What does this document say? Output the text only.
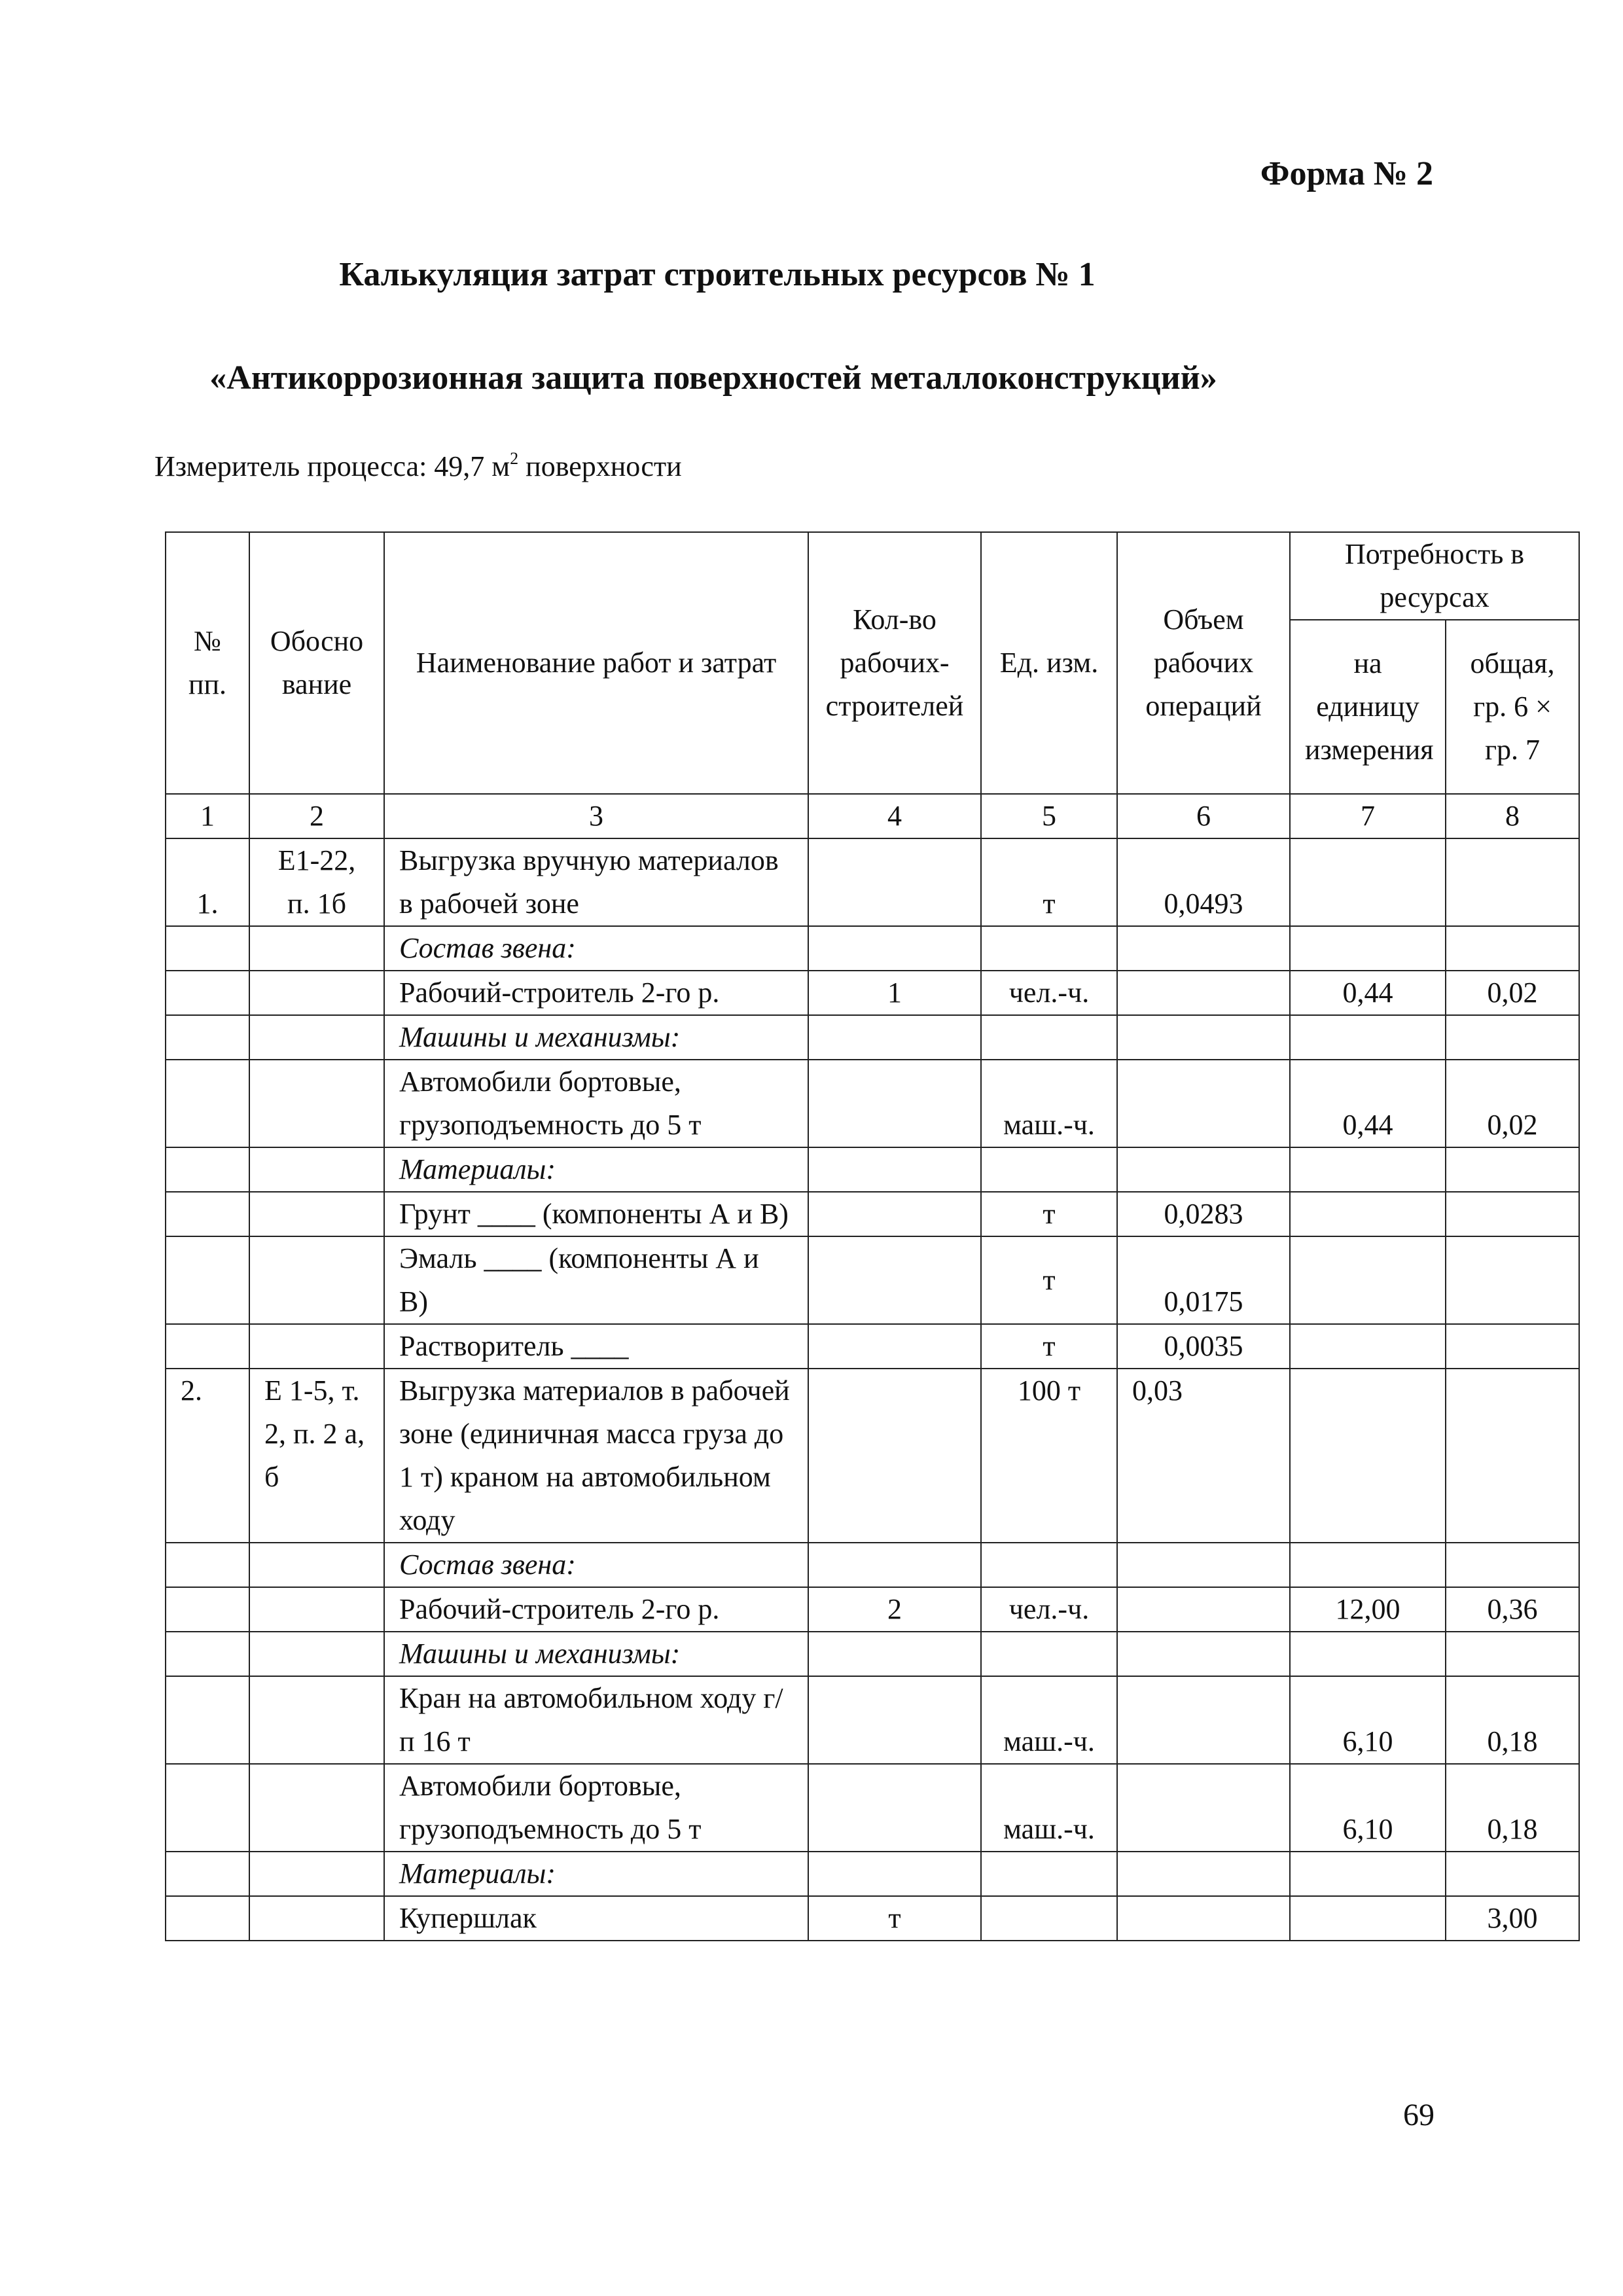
Форма № 2
Калькуляция затрат строительных ресурсов № 1
«Антикоррозионная защита поверхностей металлоконструкций»
Измеритель процесса: 49,7 $м^2$ поверхности
№ пп.	Обосно вание	Наименование работ и затрат	Кол-во рабочих-строителей	Ед. изм.	Объем рабочих операций	Потребность в ресурсах	
						на единицу измерения	общая, гр. 6 × гр. 7
1	2	3	4	5	6	7	8
1.	Е1-22, п. 1б	Выгрузка вручную материалов в рабочей зоне		т	0,0493		
		Состав звена:					
		Рабочий-строитель 2-го р.	1	чел.-ч.		0,44	0,02
		Машины и механизмы:					
		Автомобили бортовые, грузоподъемность до 5 т		маш.-ч.		0,44	0,02
		Материалы:					
		Грунт ____ (компоненты А и В)		т	0,0283		
		Эмаль ____ (компоненты А и В)		т	0,0175		
		Растворитель ____		т	0,0035		
2.	Е 1-5, т. 2, п. 2 а, б	Выгрузка материалов в рабочей зоне (единичная масса груза до 1 т) краном на автомобильном ходу		100 т	0,03		
		Состав звена:					
		Рабочий-строитель 2-го р.	2	чел.-ч.		12,00	0,36
		Машины и механизмы:					
		Кран на автомобильном ходу г/п 16 т		маш.-ч.		6,10	0,18
		Автомобили бортовые, грузоподъемность до 5 т		маш.-ч.		6,10	0,18
		Материалы:					
		Купершлак	т				3,00
69
